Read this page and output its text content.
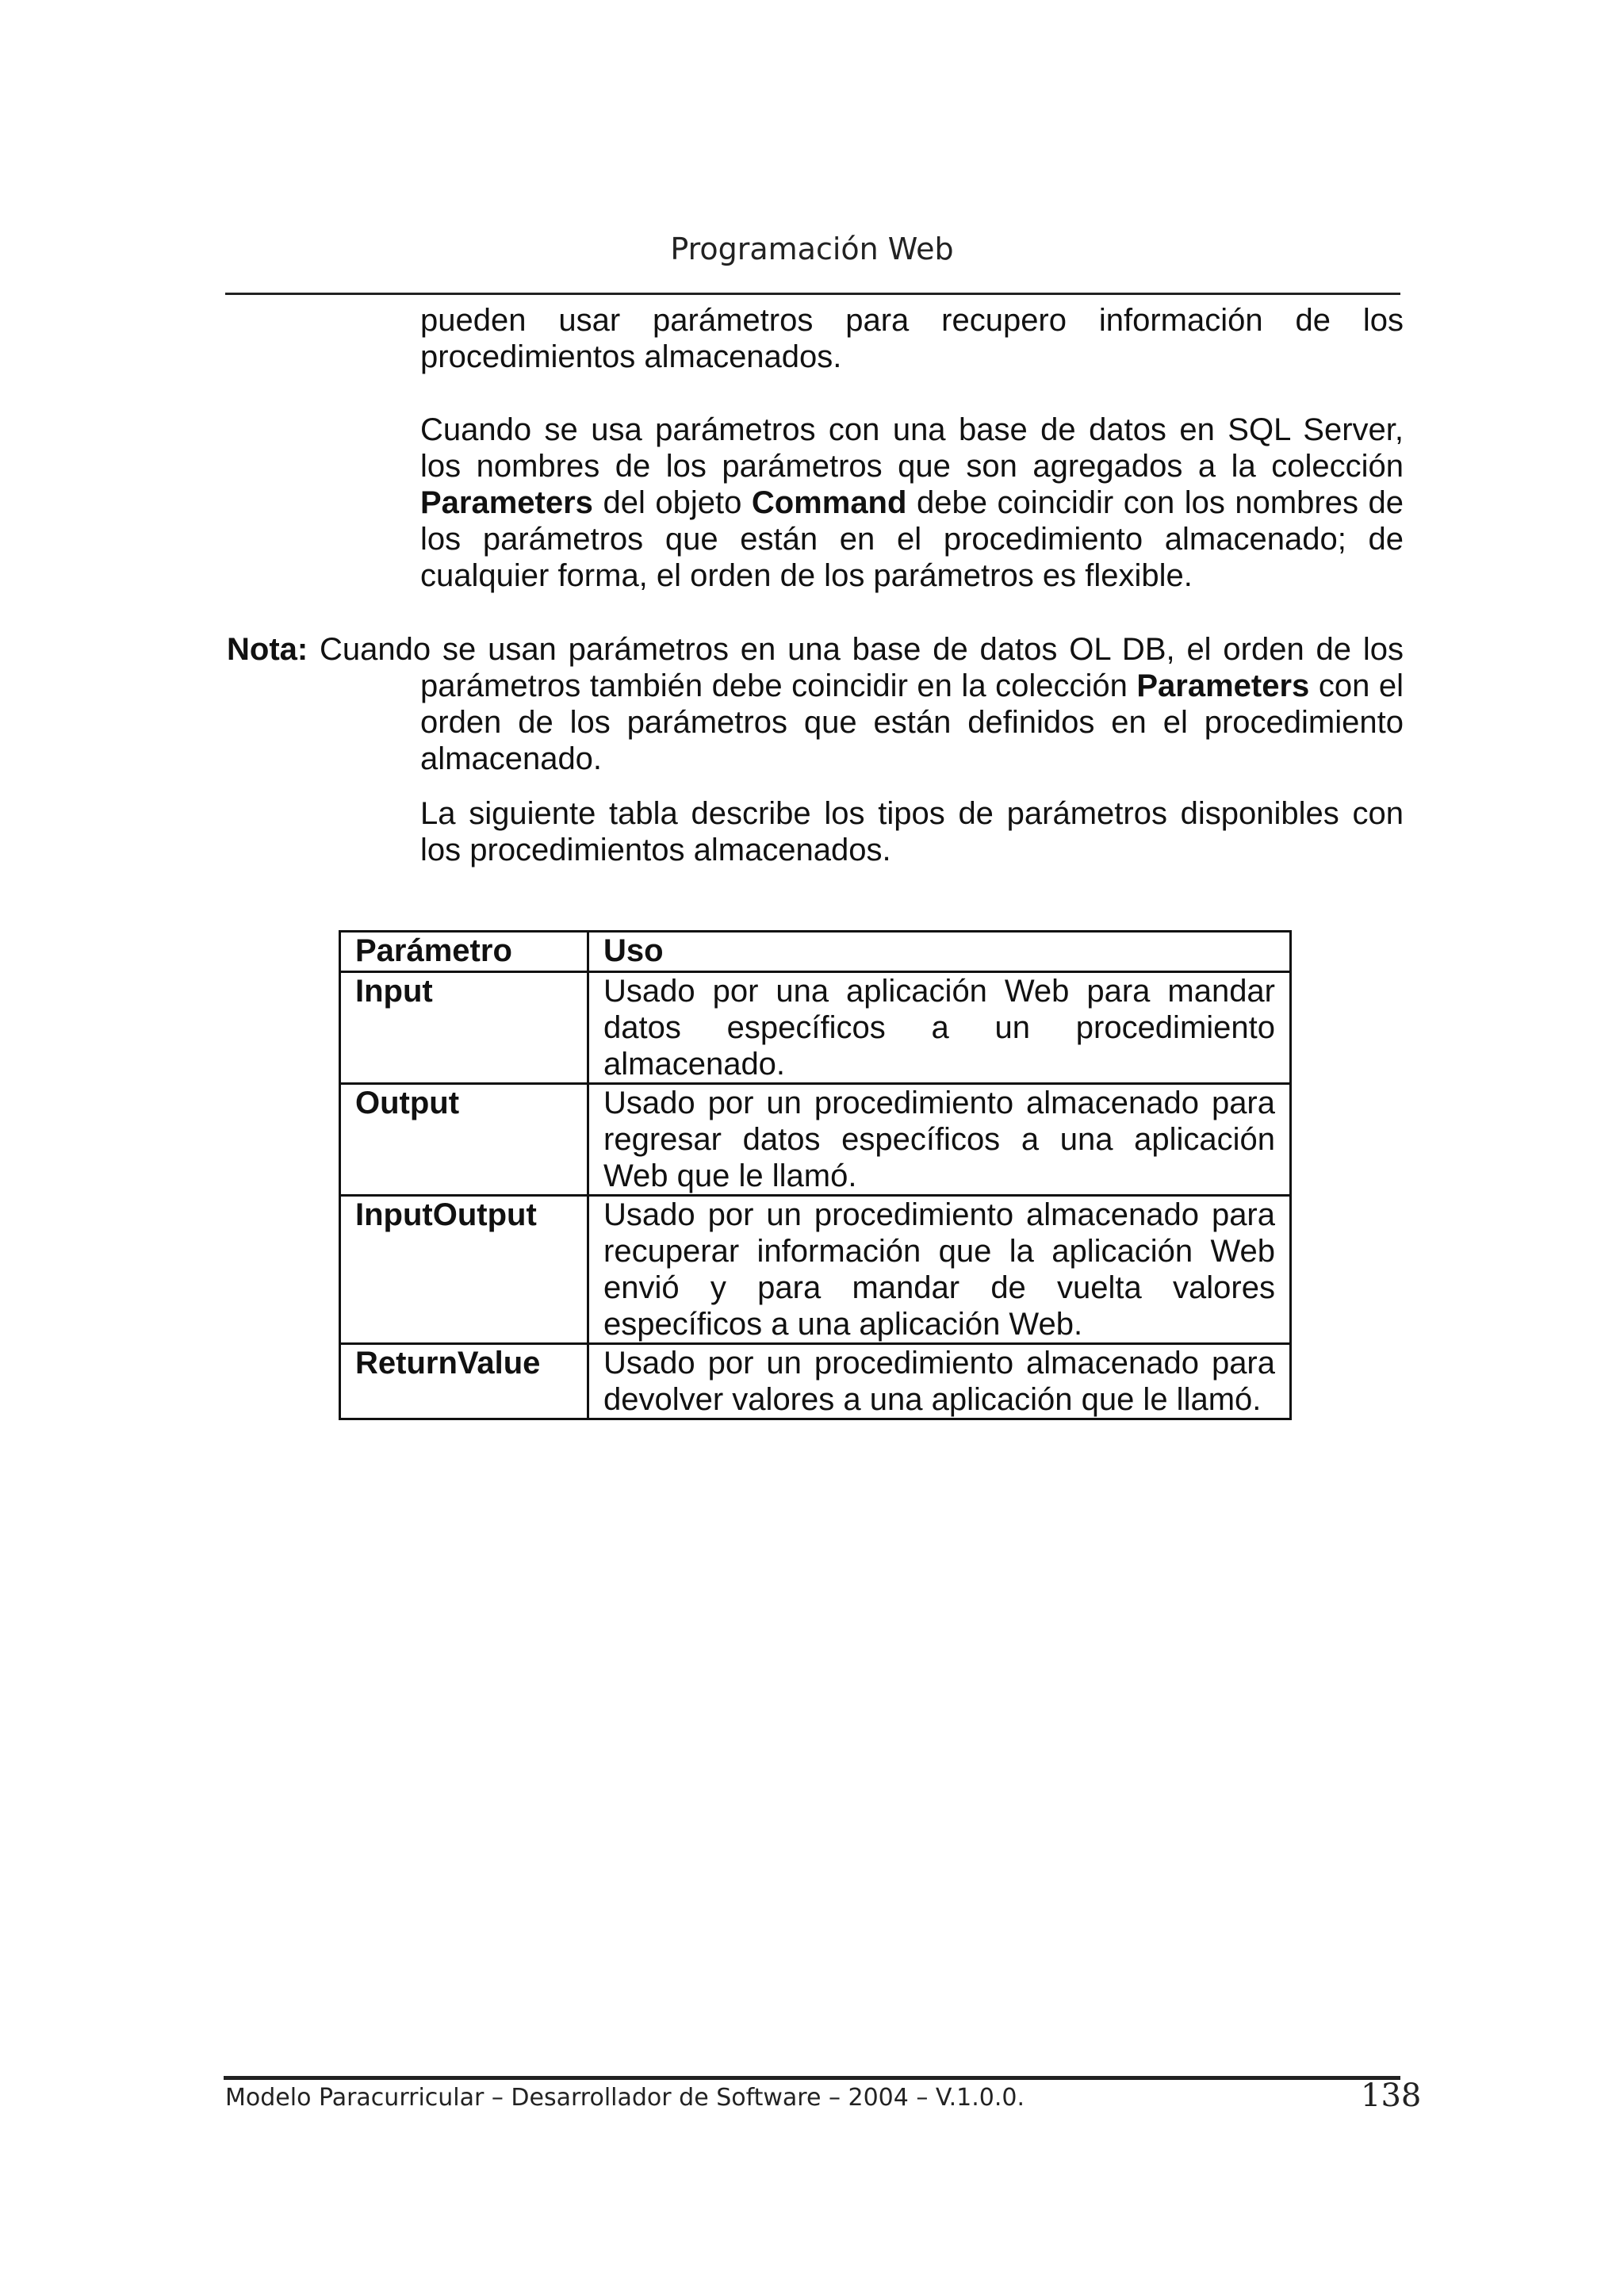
Programación Web
pueden usar parámetros para recupero información de los procedimientos almacenados.
Cuando se usa parámetros con una base de datos en SQL Server, los nombres de los parámetros que son agregados a la colección Parameters del objeto Command debe coincidir con los nombres de los parámetros que están en el procedimiento almacenado; de cualquier forma, el orden de los parámetros es flexible.
Nota: Cuando se usan parámetros en una base de datos OL DB, el orden de los
parámetros también debe coincidir en la colección Parameters con el orden de los parámetros que están definidos en el procedimiento almacenado.
La siguiente tabla describe los tipos de parámetros disponibles con los procedimientos almacenados.
Parámetro	Uso
Input	Usado por una aplicación Web para mandar datos específicos a un procedimiento almacenado.
Output	Usado por un procedimiento almacenado para regresar datos específicos a una aplicación Web que le llamó.
InputOutput	Usado por un procedimiento almacenado para recuperar información que la aplicación Web envió y para mandar de vuelta valores específicos a una aplicación Web.
ReturnValue	Usado por un procedimiento almacenado para devolver valores a una aplicación que le llamó.
Modelo Paracurricular – Desarrollador de Software – 2004 – V.1.0.0.	138
